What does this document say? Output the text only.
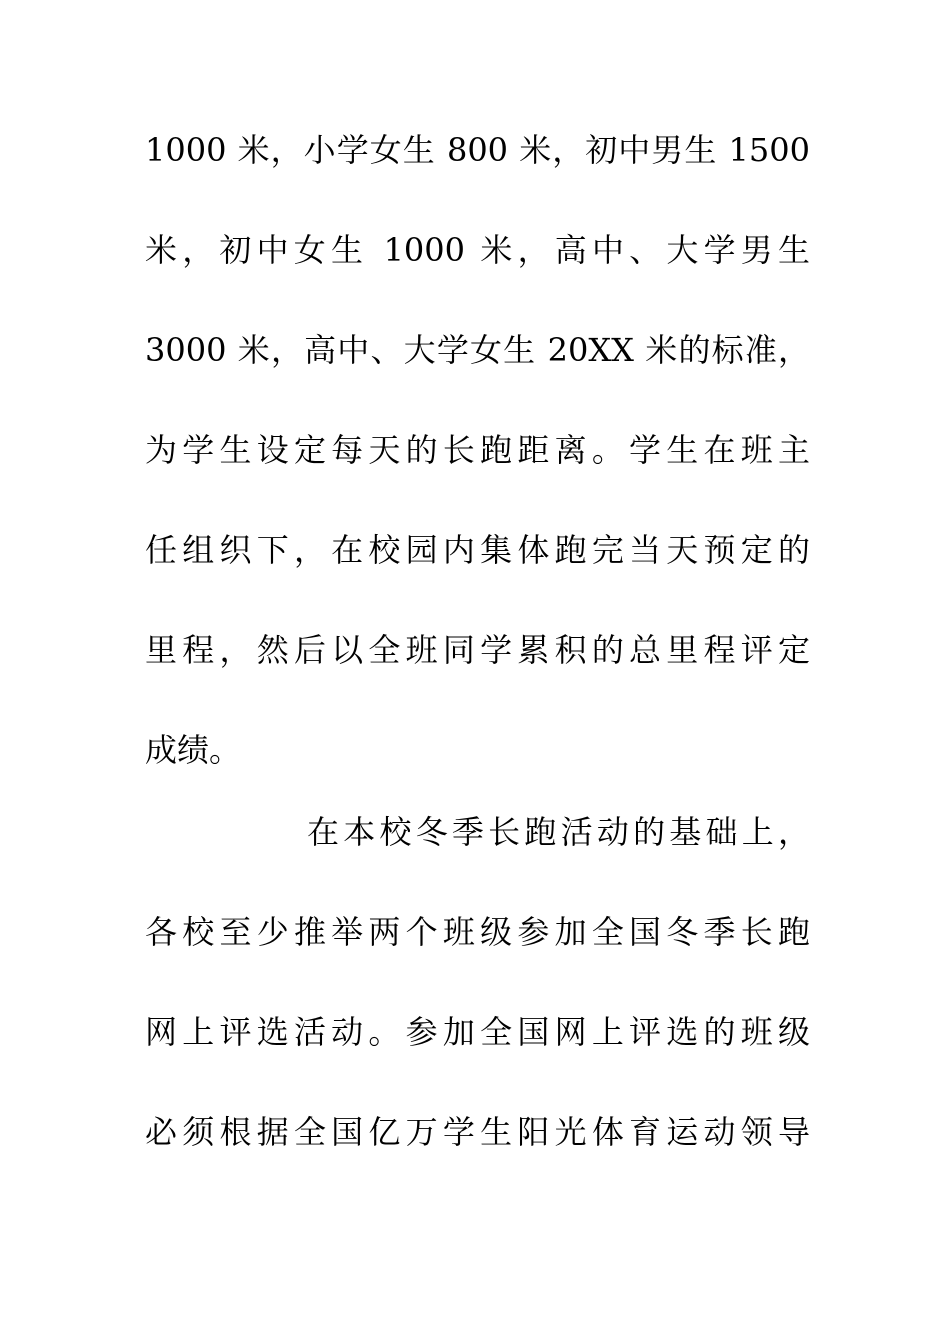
1000 米，小学女生 800 米，初中男生 1500
米，初中女生 1000 米，高中、大学男生
3000 米，高中、大学女生 20XX 米的标准，
为学生设定每天的长跑距离。学生在班主
任组织下，在校园内集体跑完当天预定的
里程，然后以全班同学累积的总里程评定
成绩。
在本校冬季长跑活动的基础上，
各校至少推举两个班级参加全国冬季长跑
网上评选活动。参加全国网上评选的班级
必须根据全国亿万学生阳光体育运动领导
